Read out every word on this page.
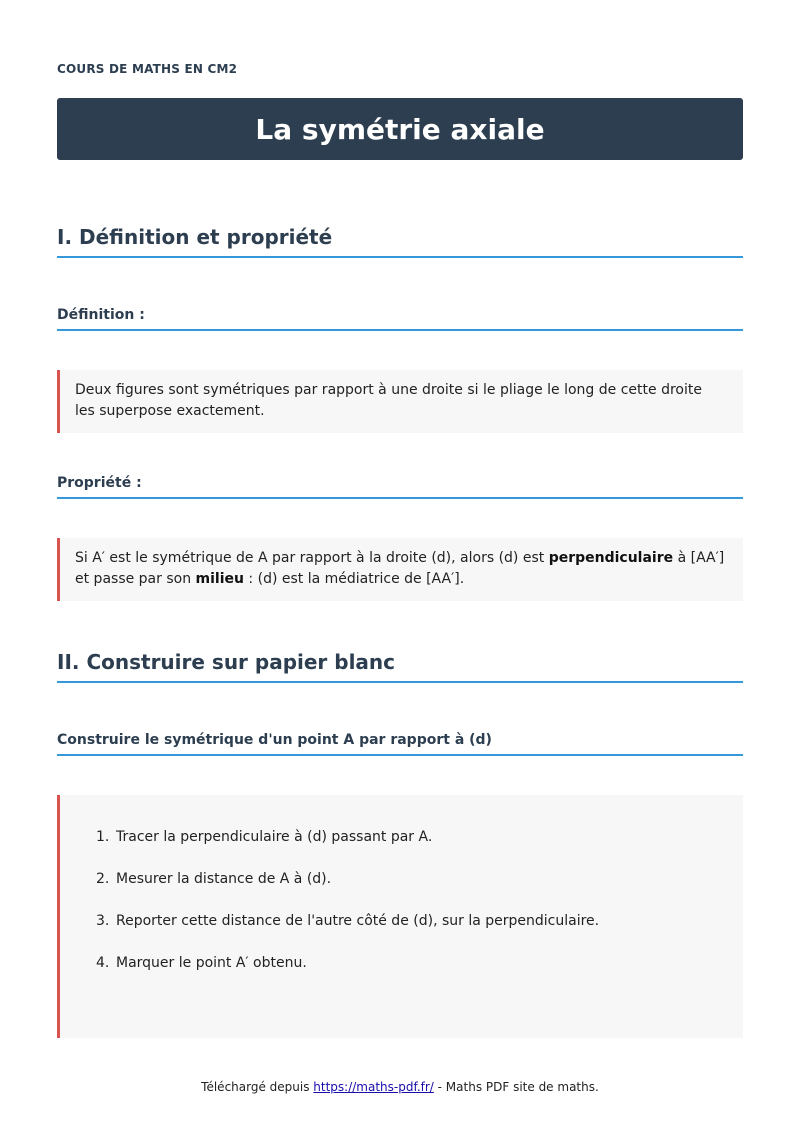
COURS DE MATHS EN CM2
La symétrie axiale
I. Définition et propriété
Définition :
Deux figures sont symétriques par rapport à une droite si le pliage le long de cette droite les superpose exactement.
Propriété :
Si A′ est le symétrique de A par rapport à la droite (d), alors (d) est perpendiculaire à [AA′] et passe par son milieu : (d) est la médiatrice de [AA′].
II. Construire sur papier blanc
Construire le symétrique d'un point A par rapport à (d)
1. Tracer la perpendiculaire à (d) passant par A.
2. Mesurer la distance de A à (d).
3. Reporter cette distance de l'autre côté de (d), sur la perpendiculaire.
4. Marquer le point A′ obtenu.
Téléchargé depuis https://maths-pdf.fr/ - Maths PDF site de maths.
